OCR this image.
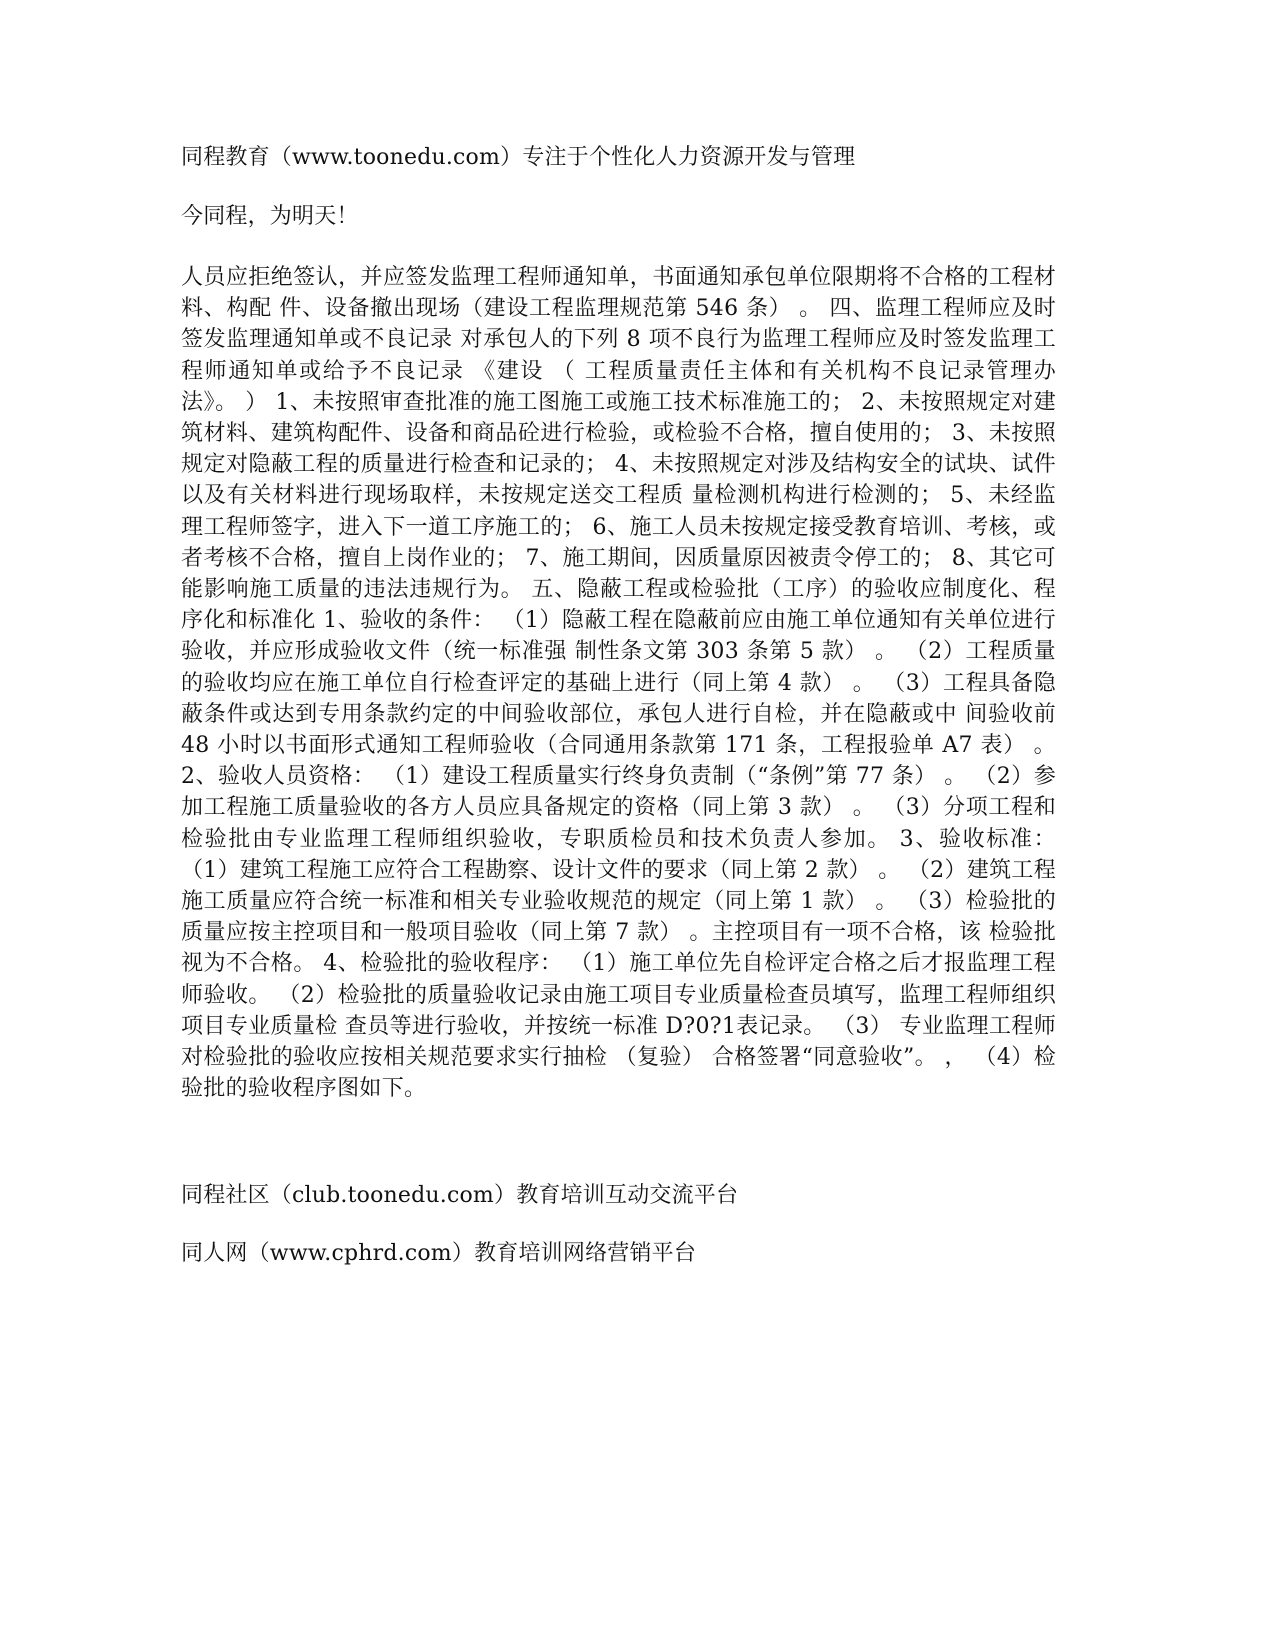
同程教育（www.toonedu.com）专注于个性化人力资源开发与管理
今同程，为明天！
人员应拒绝签认，并应签发监理工程师通知单，书面通知承包单位限期将不合格的工程材料、构配 件、设备撤出现场（建设工程监理规范第 546 条） 。 四、监理工程师应及时签发监理通知单或不良记录 对承包人的下列 8 项不良行为监理工程师应及时签发监理工程师通知单或给予不良记录 《建设 （ 工程质量责任主体和有关机构不良记录管理办法》。 ） 1、未按照审查批准的施工图施工或施工技术标准施工的； 2、未按照规定对建筑材料、建筑构配件、设备和商品砼进行检验，或检验不合格，擅自使用的； 3、未按照规定对隐蔽工程的质量进行检查和记录的； 4、未按照规定对涉及结构安全的试块、试件以及有关材料进行现场取样，未按规定送交工程质 量检测机构进行检测的； 5、未经监理工程师签字，进入下一道工序施工的； 6、施工人员未按规定接受教育培训、考核，或者考核不合格，擅自上岗作业的； 7、施工期间，因质量原因被责令停工的； 8、其它可能影响施工质量的违法违规行为。 五、隐蔽工程或检验批（工序）的验收应制度化、程序化和标准化 1、验收的条件： （1）隐蔽工程在隐蔽前应由施工单位通知有关单位进行验收，并应形成验收文件（统一标准强 制性条文第 303 条第 5 款） 。 （2）工程质量的验收均应在施工单位自行检查评定的基础上进行（同上第 4 款） 。 （3）工程具备隐蔽条件或达到专用条款约定的中间验收部位，承包人进行自检，并在隐蔽或中 间验收前 48 小时以书面形式通知工程师验收（合同通用条款第 171 条，工程报验单 A7 表） 。 2、验收人员资格： （1）建设工程质量实行终身负责制（“条例”第 77 条） 。 （2）参加工程施工质量验收的各方人员应具备规定的资格（同上第 3 款） 。 （3）分项工程和检验批由专业监理工程师组织验收，专职质检员和技术负责人参加。 3、验收标准： （1）建筑工程施工应符合工程勘察、设计文件的要求（同上第 2 款） 。 （2）建筑工程施工质量应符合统一标准和相关专业验收规范的规定（同上第 1 款） 。 （3）检验批的质量应按主控项目和一般项目验收（同上第 7 款） 。主控项目有一项不合格，该 检验批视为不合格。 4、检验批的验收程序： （1）施工单位先自检评定合格之后才报监理工程师验收。 （2）检验批的质量验收记录由施工项目专业质量检查员填写，监理工程师组织项目专业质量检 查员等进行验收，并按统一标准 D?0?1表记录。 （3） 专业监理工程师对检验批的验收应按相关规范要求实行抽检 （复验） 合格签署“同意验收”。 ， （4）检验批的验收程序图如下。
同程社区（club.toonedu.com）教育培训互动交流平台
同人网（www.cphrd.com）教育培训网络营销平台
